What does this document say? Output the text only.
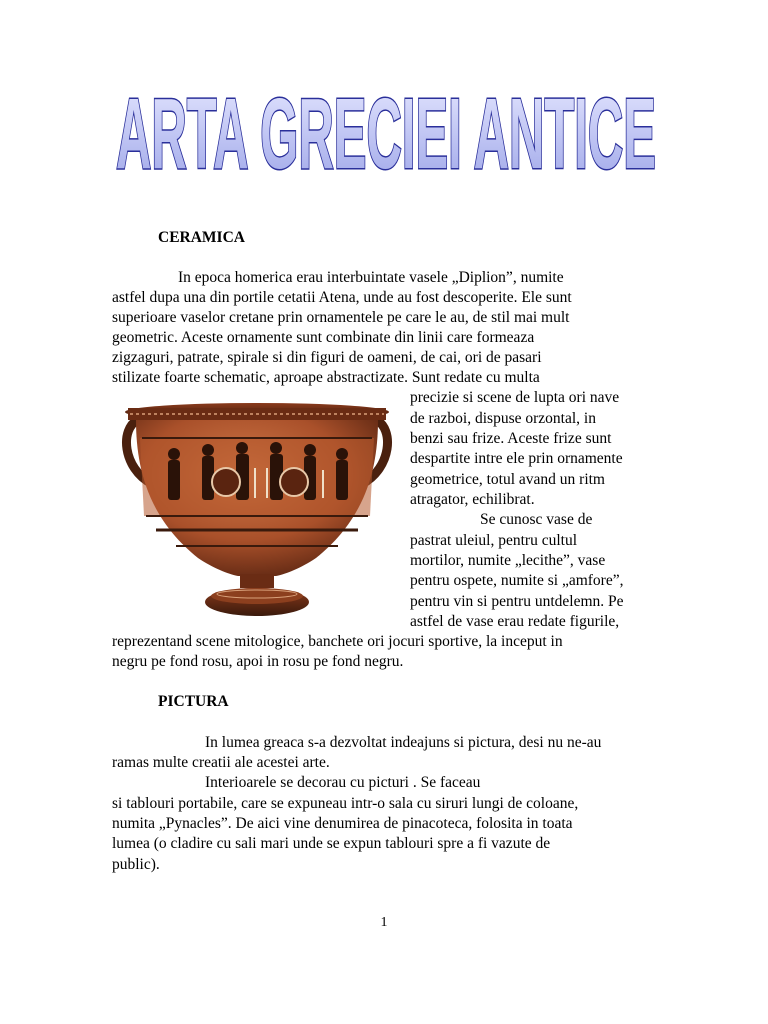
ARTA GRECIEI ANTICE
CERAMICA
In epoca homerica erau interbuintate vasele „Diplion”, numite
astfel dupa una din portile cetatii Atena, unde au fost descoperite. Ele sunt
superioare vaselor cretane prin ornamentele pe care le au, de stil mai mult
geometric. Aceste ornamente sunt combinate din linii care formeaza
zigzaguri, patrate, spirale si din figuri de oameni, de cai, ori de pasari
stilizate foarte schematic, aproape abstractizate. Sunt redate cu multa
precizie si scene de lupta ori nave
de razboi, dispuse orzontal, in
benzi sau frize. Aceste frize sunt
despartite intre ele prin ornamente
geometrice, totul avand un ritm
atragator, echilibrat.
Se cunosc vase de
pastrat uleiul, pentru cultul
mortilor, numite „lecithe”, vase
pentru ospete, numite si „amfore”,
pentru vin si pentru untdelemn. Pe
astfel de vase erau redate figurile,
reprezentand scene mitologice, banchete ori jocuri sportive, la inceput in
negru pe fond rosu, apoi in rosu pe fond negru.
PICTURA
In lumea greaca s-a dezvoltat indeajuns si pictura, desi nu ne-au
ramas multe creatii ale acestei arte.
Interioarele se decorau cu picturi . Se faceau
si tablouri portabile, care se expuneau intr-o sala cu siruri lungi de coloane,
numita „Pynacles”. De aici vine denumirea de pinacoteca, folosita in toata
lumea (o cladire cu sali mari unde se expun tablouri spre a fi vazute de
public).
1
